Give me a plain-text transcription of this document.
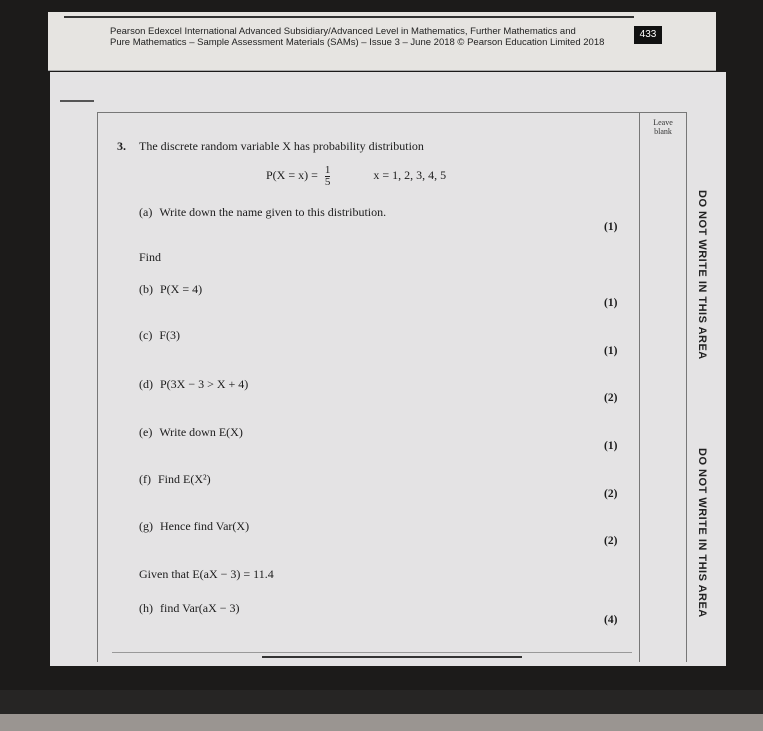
Pearson Edexcel International Advanced Subsidiary/Advanced Level in Mathematics, Further Mathematics and
Pure Mathematics – Sample Assessment Materials (SAMs) – Issue 3 – June 2018 © Pearson Education Limited 2018
433
Leave
blank
DO NOT WRITE IN THIS AREA
DO NOT WRITE IN THIS AREA
3. The discrete random variable X has probability distribution
$P(X = x) = \frac{1}{5}$	x = 1, 2, 3, 4, 5
(a) Write down the name given to this distribution.
(1)
Find
(b) P(X = 4)
(1)
(c) F(3)
(1)
(d) P(3X − 3 > X + 4)
(2)
(e) Write down E(X)
(1)
(f) Find E(X²)
(2)
(g) Hence find Var(X)
(2)
Given that E(aX − 3) = 11.4
(h) find Var(aX − 3)
(4)
